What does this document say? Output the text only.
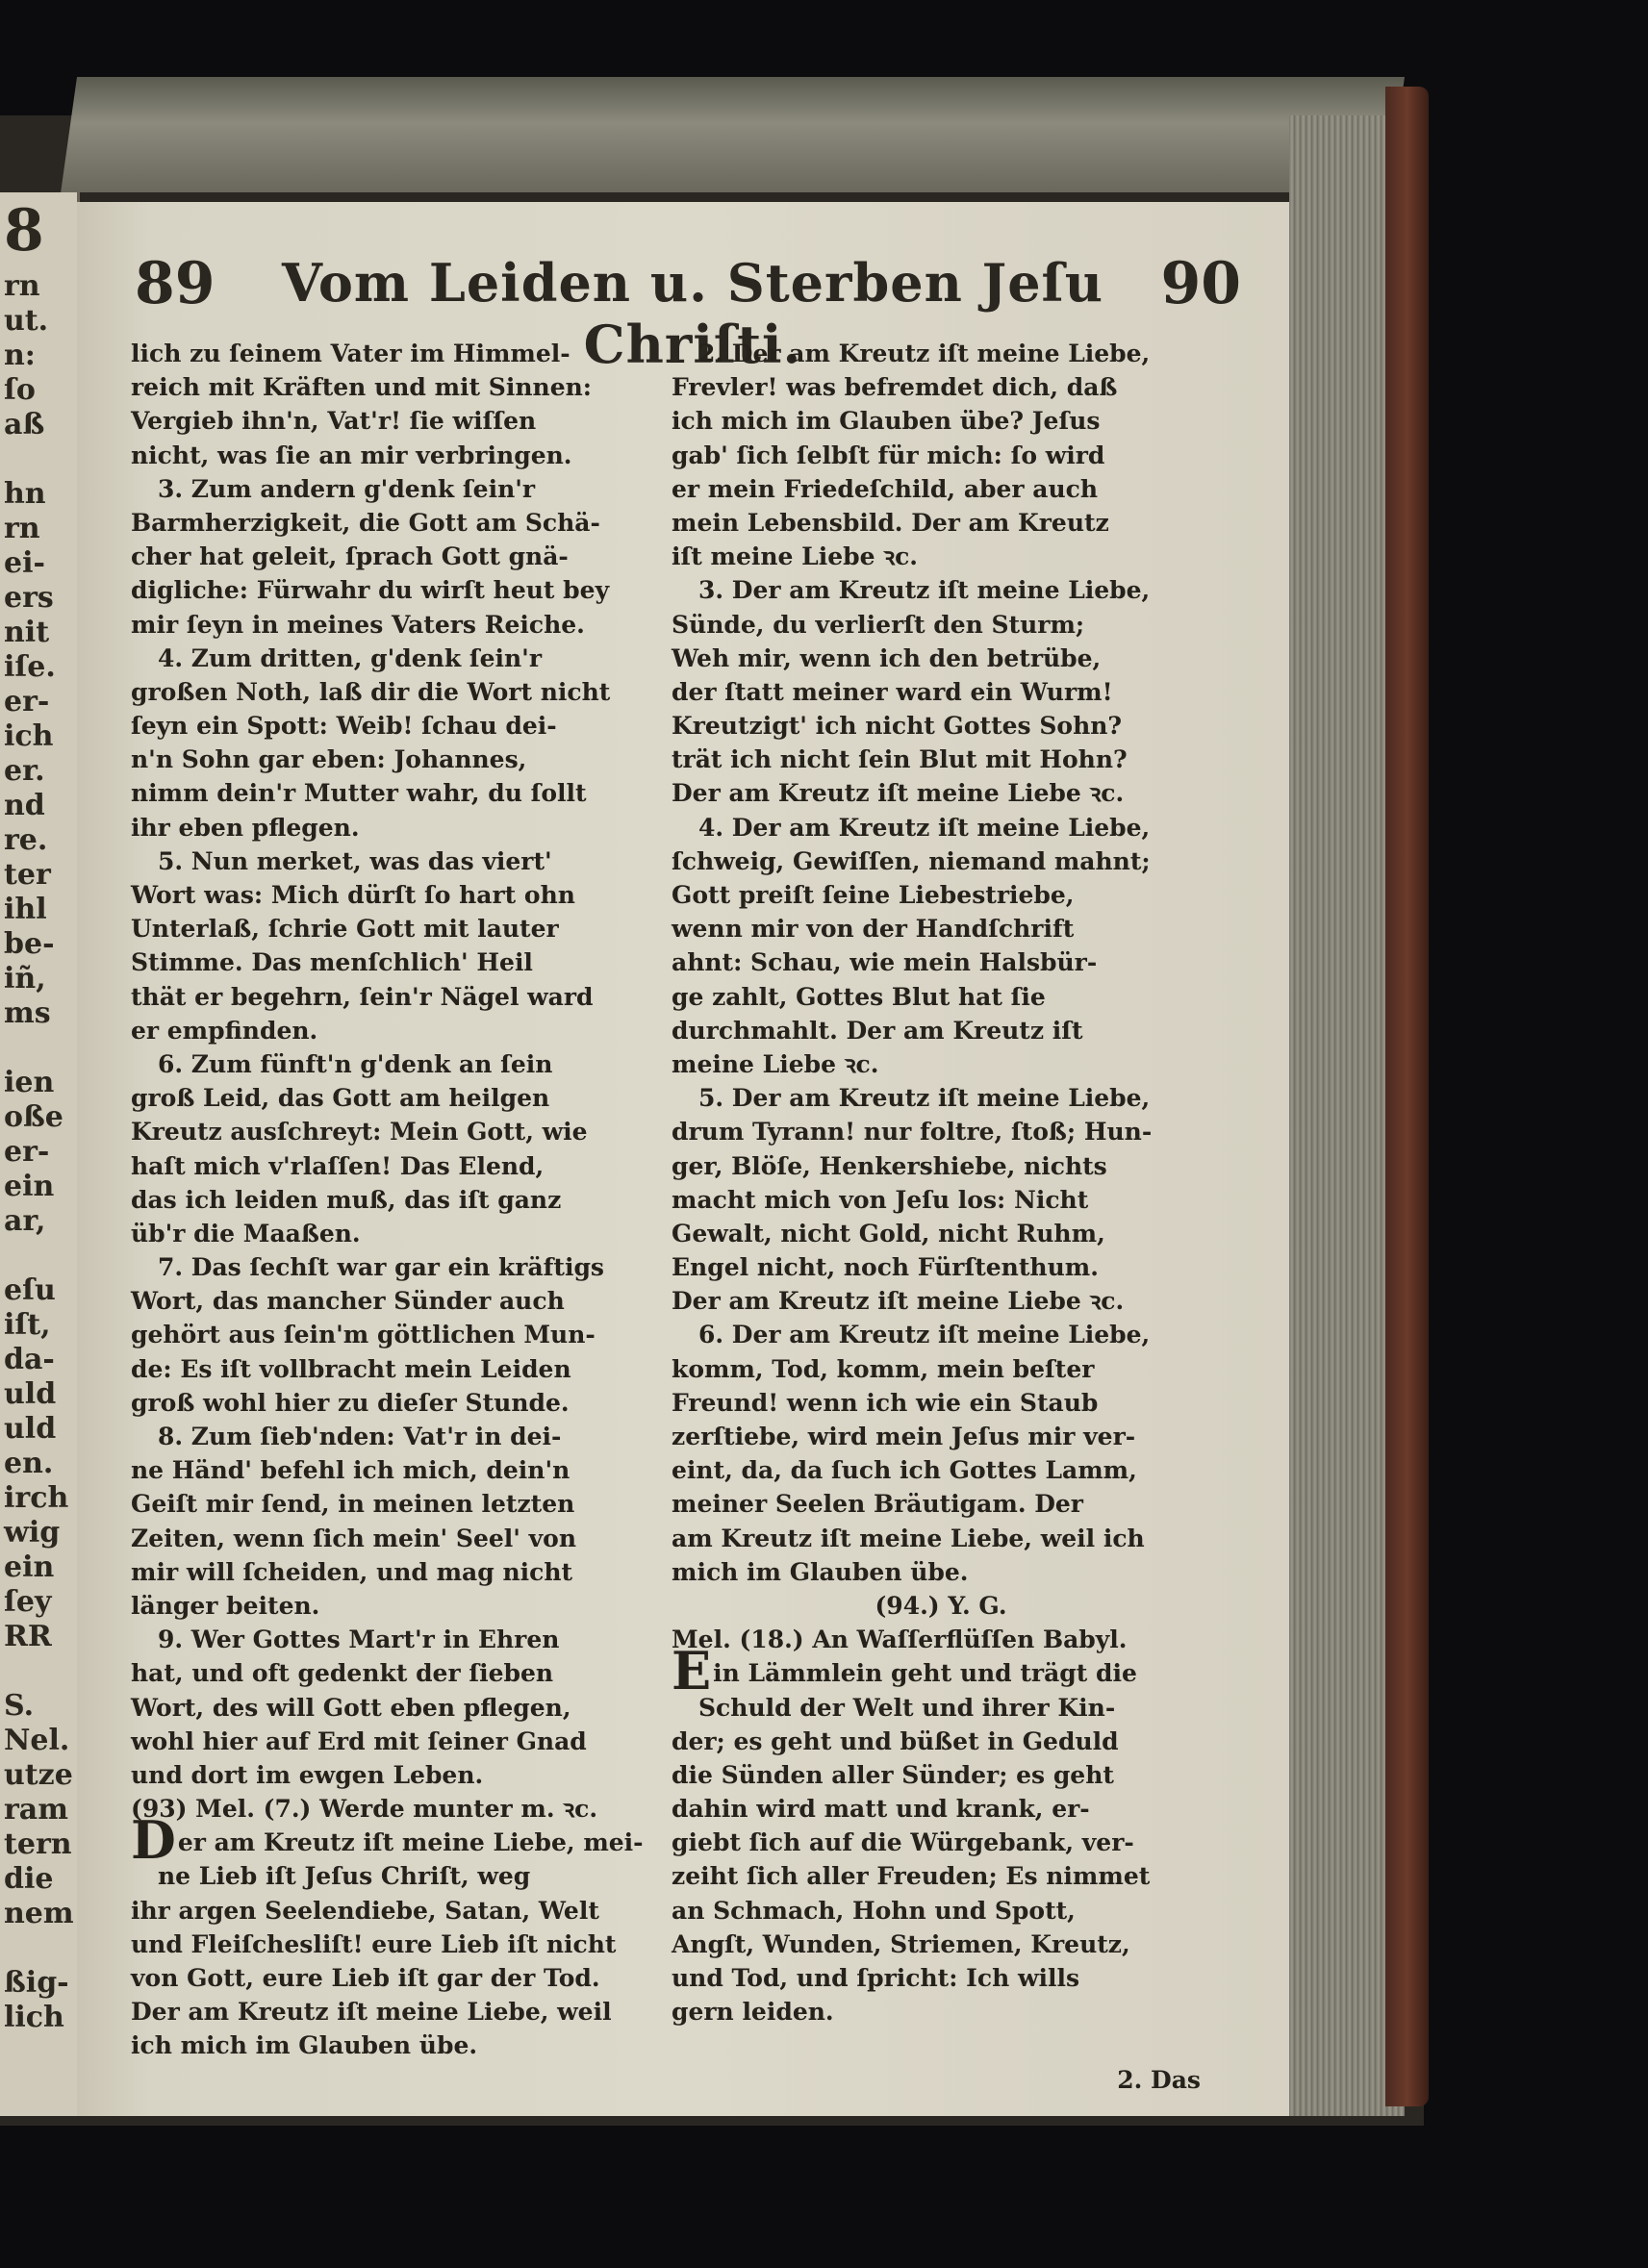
8
rn
ut.
n:
ſo
aß
hn
rn
ei-
ers
nit
iſe.
er-
ich
er.
nd
re.
ter
ihl
be-
iñ,
ms
ien
oße
er-
ein
ar,
eſu
iſt,
da-
uld
uld
en.
irch
wig
ein
ſey
RR
S.
Nel.
utze
ram
tern
die
nem
ßig-
lich
89	Vom Leiden u. Sterben Jeſu Chriſti.
90
lich zu ſeinem Vater im Himmel-
reich mit Kräften und mit Sinnen:
Vergieb ihn'n, Vat'r! ſie wiſſen
nicht, was ſie an mir verbringen.
3. Zum andern g'denk ſein'r
Barmherzigkeit, die Gott am Schä-
cher hat geleit, ſprach Gott gnä-
digliche: Fürwahr du wirſt heut bey
mir ſeyn in meines Vaters Reiche.
4. Zum dritten, g'denk ſein'r
großen Noth, laß dir die Wort nicht
ſeyn ein Spott: Weib! ſchau dei-
n'n Sohn gar eben: Johannes,
nimm dein'r Mutter wahr, du ſollt
ihr eben pflegen.
5. Nun merket, was das viert'
Wort was: Mich dürſt ſo hart ohn
Unterlaß, ſchrie Gott mit lauter
Stimme. Das menſchlich' Heil
thät er begehrn, ſein'r Nägel ward
er empfinden.
6. Zum fünft'n g'denk an ſein
groß Leid, das Gott am heilgen
Kreutz ausſchreyt: Mein Gott, wie
haſt mich v'rlaſſen! Das Elend,
das ich leiden muß, das iſt ganz
üb'r die Maaßen.
7. Das ſechſt war gar ein kräftigs
Wort, das mancher Sünder auch
gehört aus ſein'm göttlichen Mun-
de: Es iſt vollbracht mein Leiden
groß wohl hier zu dieſer Stunde.
8. Zum ſieb'nden: Vat'r in dei-
ne Händ' befehl ich mich, dein'n
Geiſt mir ſend, in meinen letzten
Zeiten, wenn ſich mein' Seel' von
mir will ſcheiden, und mag nicht
länger beiten.
9. Wer Gottes Mart'r in Ehren
hat, und oft gedenkt der ſieben
Wort, des will Gott eben pflegen,
wohl hier auf Erd mit ſeiner Gnad
und dort im ewgen Leben.
(93) Mel. (7.) Werde munter m. ꝛc.
Der am Kreutz iſt meine Liebe, mei-
ne Lieb iſt Jeſus Chriſt, weg
ihr argen Seelendiebe, Satan, Welt
und Fleiſchesliſt! eure Lieb iſt nicht
von Gott, eure Lieb iſt gar der Tod.
Der am Kreutz iſt meine Liebe, weil
ich mich im Glauben übe.
2. Der am Kreutz iſt meine Liebe,
Frevler! was befremdet dich, daß
ich mich im Glauben übe? Jeſus
gab' ſich ſelbſt für mich: ſo wird
er mein Friedeſchild, aber auch
mein Lebensbild. Der am Kreutz
iſt meine Liebe ꝛc.
3. Der am Kreutz iſt meine Liebe,
Sünde, du verlierſt den Sturm;
Weh mir, wenn ich den betrübe,
der ſtatt meiner ward ein Wurm!
Kreutzigt' ich nicht Gottes Sohn?
trät ich nicht ſein Blut mit Hohn?
Der am Kreutz iſt meine Liebe ꝛc.
4. Der am Kreutz iſt meine Liebe,
ſchweig, Gewiſſen, niemand mahnt;
Gott preiſt ſeine Liebestriebe,
wenn mir von der Handſchrift
ahnt: Schau, wie mein Halsbür-
ge zahlt, Gottes Blut hat ſie
durchmahlt. Der am Kreutz iſt
meine Liebe ꝛc.
5. Der am Kreutz iſt meine Liebe,
drum Tyrann! nur foltre, ſtoß; Hun-
ger, Blöſe, Henkershiebe, nichts
macht mich von Jeſu los: Nicht
Gewalt, nicht Gold, nicht Ruhm,
Engel nicht, noch Fürſtenthum.
Der am Kreutz iſt meine Liebe ꝛc.
6. Der am Kreutz iſt meine Liebe,
komm, Tod, komm, mein beſter
Freund! wenn ich wie ein Staub
zerſtiebe, wird mein Jeſus mir ver-
eint, da, da ſuch ich Gottes Lamm,
meiner Seelen Bräutigam. Der
am Kreutz iſt meine Liebe, weil ich
mich im Glauben übe.
(94.) Y. G.
Mel. (18.) An Waſſerflüſſen Babyl.
Ein Lämmlein geht und trägt die
Schuld der Welt und ihrer Kin-
der; es geht und büßet in Geduld
die Sünden aller Sünder; es geht
dahin wird matt und krank, er-
giebt ſich auf die Würgebank, ver-
zeiht ſich aller Freuden; Es nimmet
an Schmach, Hohn und Spott,
Angſt, Wunden, Striemen, Kreutz,
und Tod, und ſpricht: Ich wills
gern leiden.
2. Das
